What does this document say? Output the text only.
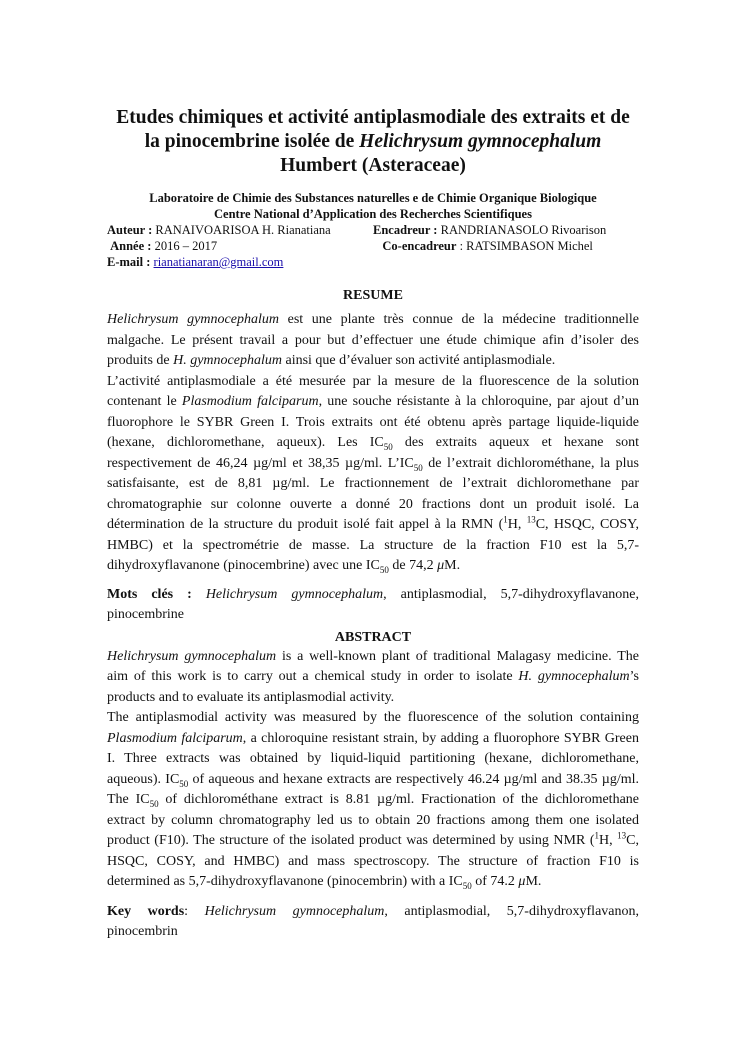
Etudes chimiques et activité antiplasmodiale des extraits et de
la pinocembrine isolée de Helichrysum gymnocephalum
Humbert (Asteraceae)

Laboratoire de Chimie des Substances naturelles e de Chimie Organique Biologique
Centre National d’Application des Recherches Scientifiques
Auteur : RANAIVOARISOA H. Rianatiana	Encadreur : RANDRIANASOLO Rivoarison
Année : 2016 – 2017	Co-encadreur : RATSIMBASON Michel
E-mail : rianatianaran@gmail.com
RESUME

Helichrysum gymnocephalum est une plante très connue de la médecine traditionnelle malgache. Le présent travail a pour but d’effectuer une étude chimique afin d’isoler des produits de H. gymnocephalum ainsi que d’évaluer son activité antiplasmodiale.

L’activité antiplasmodiale a été mesurée par la mesure de la fluorescence de la solution contenant le Plasmodium falciparum, une souche résistante à la chloroquine, par ajout d’un fluorophore le SYBR Green I. Trois extraits ont été obtenu après partage liquide-liquide (hexane, dichloromethane, aqueux). Les $IC_{50}$ des extraits aqueux et hexane sont respectivement de 46,24 µg/ml et 38,35 µg/ml. $L’IC_{50}$ de l’extrait dichlorométhane, la plus satisfaisante, est de 8,81 µg/ml. Le fractionnement de l’extrait dichloromethane par chromatographie sur colonne ouverte a donné 20 fractions dont un produit isolé. La détermination de la structure du produit isolé fait appel à la RMN ($^1$H, $^{13}$C, HSQC, COSY, HMBC) et la spectrométrie de masse. La structure de la fraction F10 est la 5,7-dihydroxyflavanone (pinocembrine) avec une $IC_{50}$ de 74,2 μM.

Mots clés : Helichrysum gymnocephalum, antiplasmodial, 5,7-dihydroxyflavanone, pinocembrine

ABSTRACT

Helichrysum gymnocephalum is a well-known plant of traditional Malagasy medicine. The aim of this work is to carry out a chemical study in order to isolate H. gymnocephalum’s products and to evaluate its antiplasmodial activity.

The antiplasmodial activity was measured by the fluorescence of the solution containing Plasmodium falciparum, a chloroquine resistant strain, by adding a fluorophore SYBR Green I. Three extracts was obtained by liquid-liquid partitioning (hexane, dichloromethane, aqueous). $IC_{50}$ of aqueous and hexane extracts are respectively 46.24 µg/ml and 38.35 µg/ml. The $IC_{50}$ of dichlorométhane extract is 8.81 µg/ml. Fractionation of the dichloromethane extract by column chromatography led us to obtain 20 fractions among them one isolated product (F10). The structure of the isolated product was determined by using NMR ($^1$H, $^{13}$C, HSQC, COSY, and HMBC) and mass spectroscopy. The structure of fraction F10 is determined as 5,7-dihydroxyflavanone (pinocembrin) with a $IC_{50}$ of 74.2 μM.

Key words: Helichrysum gymnocephalum, antiplasmodial, 5,7-dihydroxyflavanon, pinocembrin
